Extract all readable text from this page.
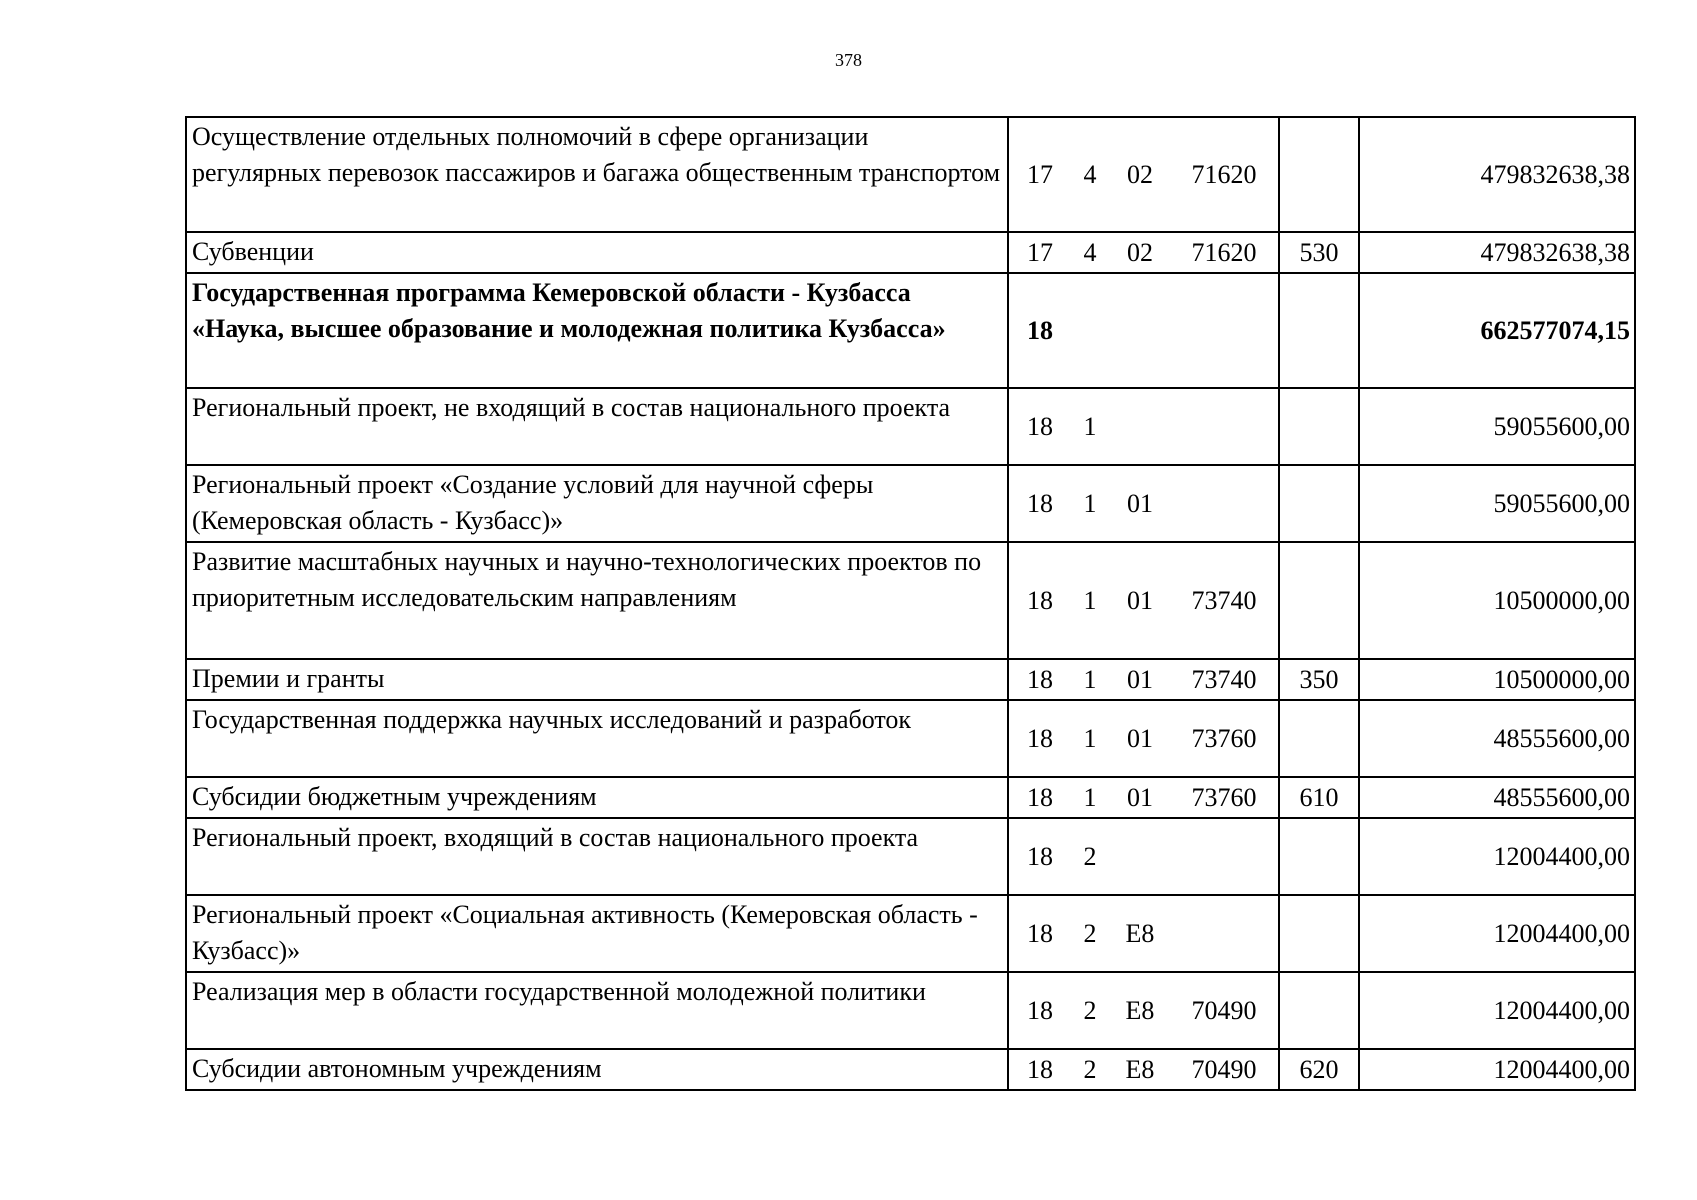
378
Осуществление отдельных полномочий в сфере организации регулярных перевозок пассажиров и багажа общественным транспортом	17 4 02 71620		479832638,38
Субвенции	17 4 02 71620	530	479832638,38
Государственная программа Кемеровской области - Кузбасса «Наука, высшее образование и молодежная политика Кузбасса»	18		662577074,15
Региональный проект, не входящий в состав национального проекта	18 1		59055600,00
Региональный проект «Создание условий для научной сферы (Кемеровская область - Кузбасс)»	18 1 01		59055600,00
Развитие масштабных научных и научно-технологических проектов по приоритетным исследовательским направлениям	18 1 01 73740		10500000,00
Премии и гранты	18 1 01 73740	350	10500000,00
Государственная поддержка научных исследований и разработок	18 1 01 73760		48555600,00
Субсидии бюджетным учреждениям	18 1 01 73760	610	48555600,00
Региональный проект, входящий в состав национального проекта	18 2		12004400,00
Региональный проект «Социальная активность (Кемеровская область - Кузбасс)»	18 2 E8		12004400,00
Реализация мер в области государственной молодежной политики	18 2 E8 70490		12004400,00
Субсидии автономным учреждениям	18 2 E8 70490	620	12004400,00
